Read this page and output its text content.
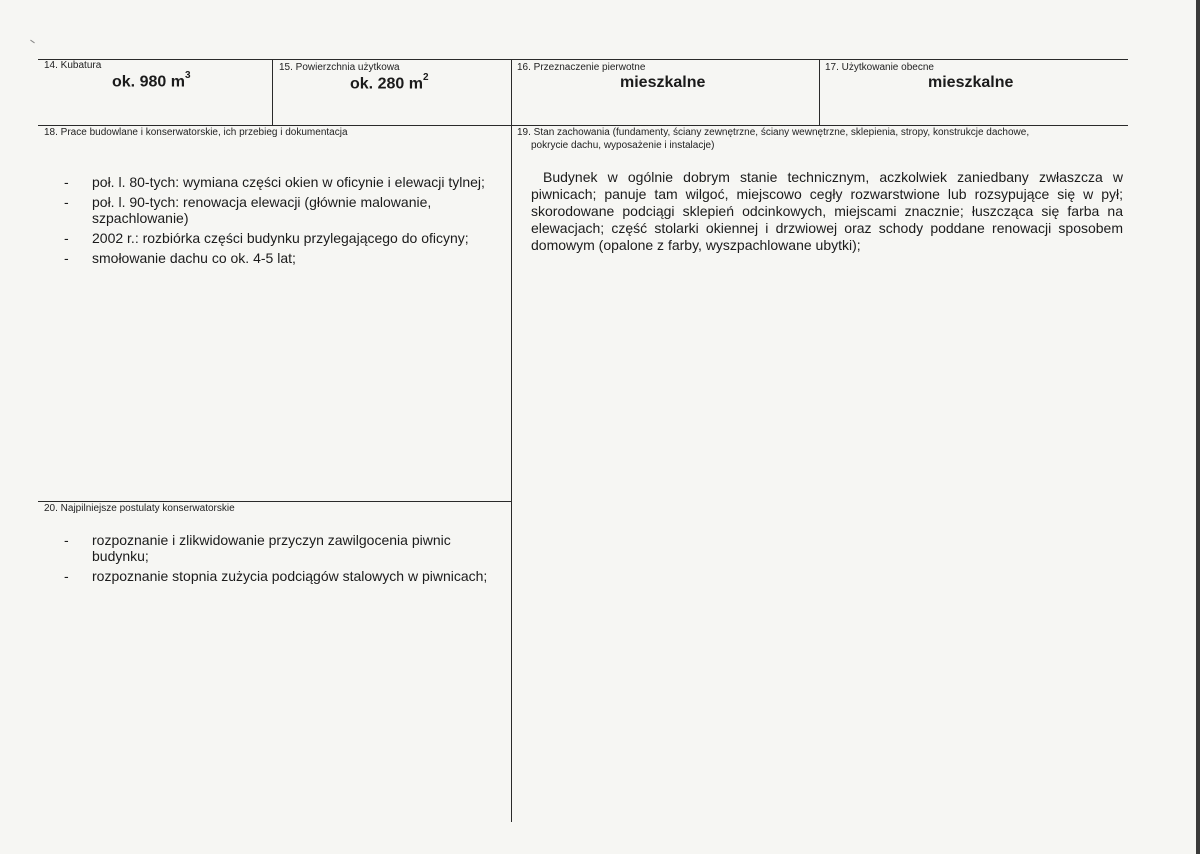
14. Kubatura
ok. 980 $m^3$
15. Powierzchnia użytkowa
ok. 280 $m^2$
16. Przeznaczenie pierwotne
mieszkalne
17. Użytkowanie obecne
mieszkalne
18. Prace budowlane i konserwatorskie, ich przebieg i dokumentacja
- poł. l. 80-tych: wymiana części okien w oficynie i elewacji tylnej;
- poł. l. 90-tych: renowacja elewacji (głównie malowanie, szpachlowanie)
- 2002 r.: rozbiórka części budynku przylegającego do oficyny;
- smołowanie dachu co ok. 4-5 lat;
19. Stan zachowania (fundamenty, ściany zewnętrzne, ściany wewnętrzne, sklepienia, stropy, konstrukcje dachowe,
pokrycie dachu, wyposażenie i instalacje)
Budynek w ogólnie dobrym stanie technicznym, aczkolwiek zaniedbany zwłaszcza w piwnicach; panuje tam wilgoć, miejscowo cegły rozwarstwione lub rozsypujące się w pył; skorodowane podciągi sklepień odcinkowych, miejscami znacznie; łuszcząca się farba na elewacjach; część stolarki okiennej i drzwiowej oraz schody poddane renowacji sposobem domowym (opalone z farby, wyszpachlowane ubytki);
20. Najpilniejsze postulaty konserwatorskie
- rozpoznanie i zlikwidowanie przyczyn zawilgocenia piwnic budynku;
- rozpoznanie stopnia zużycia podciągów stalowych w piwnicach;
